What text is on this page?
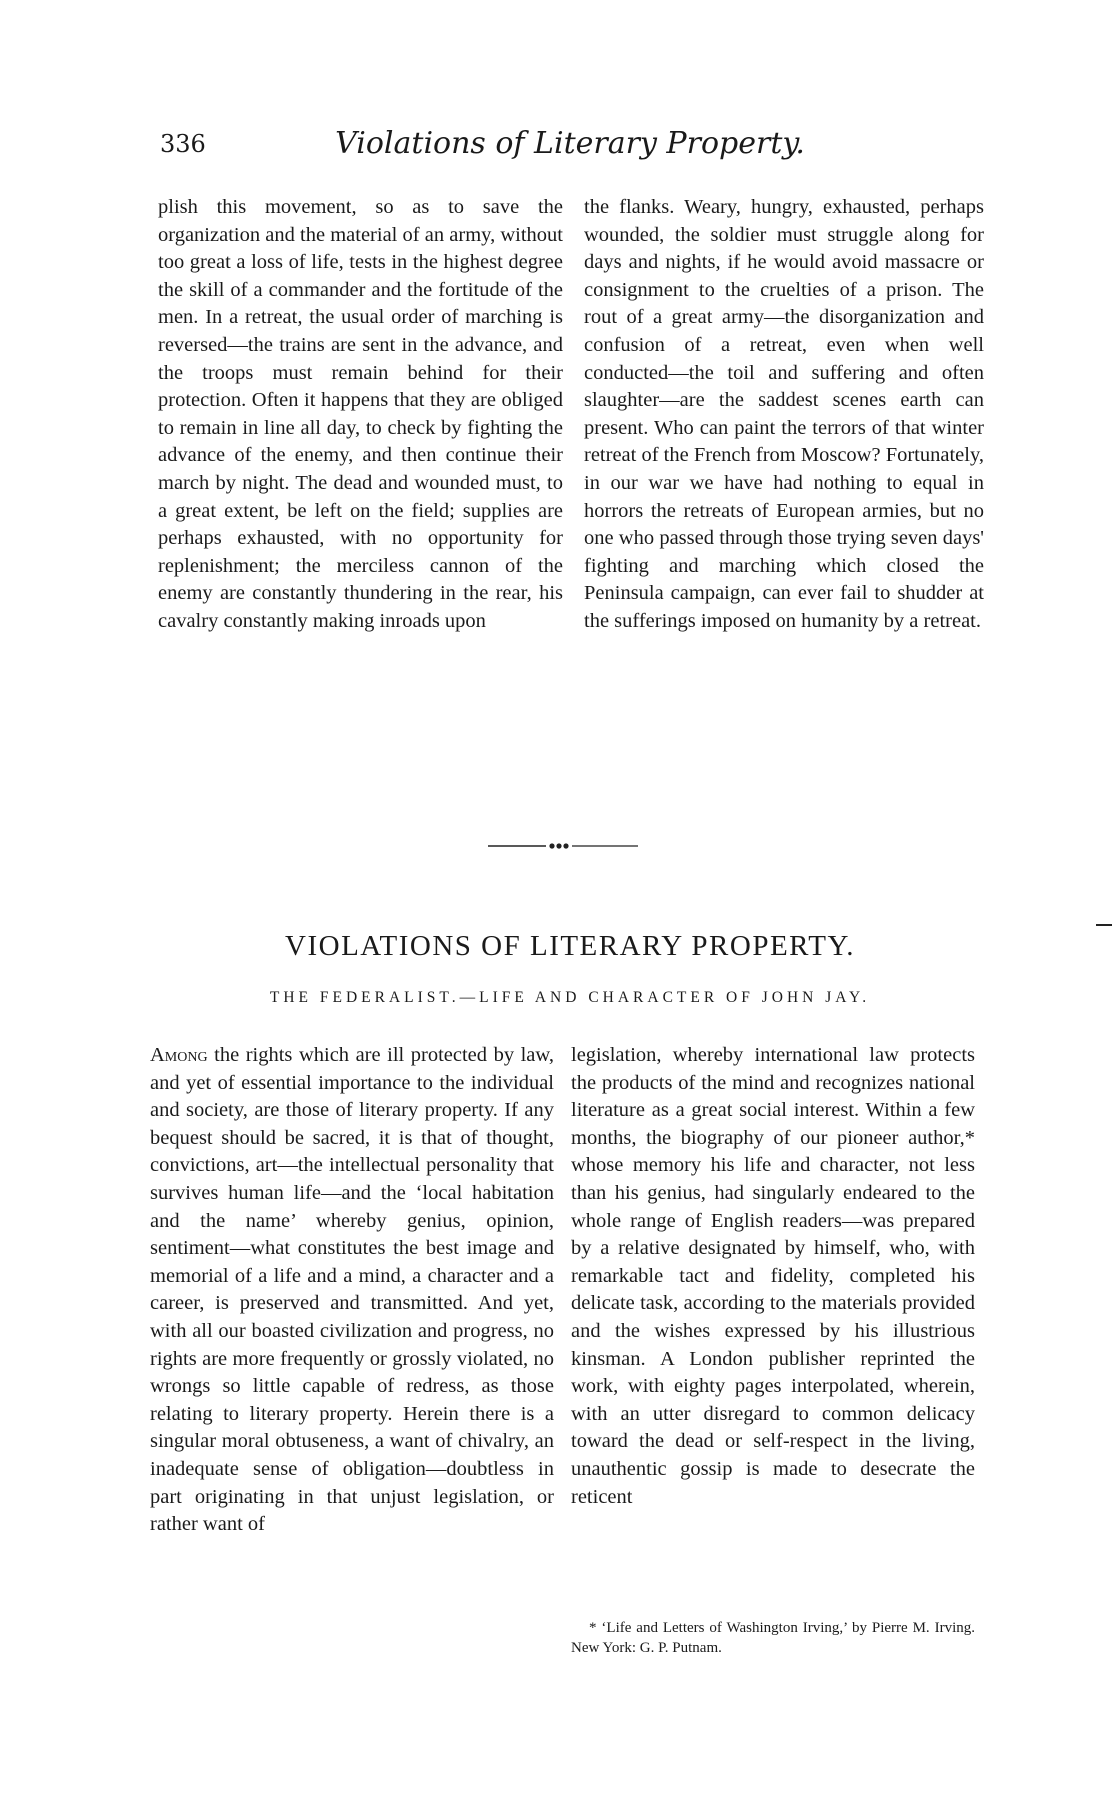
336	Violations of Literary Property.

plish this movement, so as to save the organization and the material of an army, without too great a loss of life, tests in the highest degree the skill of a commander and the fortitude of the men. In a retreat, the usual order of marching is reversed—the trains are sent in the advance, and the troops must remain behind for their protection. Often it happens that they are obliged to remain in line all day, to check by fighting the advance of the enemy, and then continue their march by night. The dead and wounded must, to a great extent, be left on the field; supplies are perhaps exhausted, with no opportunity for replenishment; the merciless cannon of the enemy are constantly thundering in the rear, his cavalry constantly making inroads upon

the flanks. Weary, hungry, exhausted, perhaps wounded, the soldier must struggle along for days and nights, if he would avoid massacre or consignment to the cruelties of a prison. The rout of a great army—the disorganization and confusion of a retreat, even when well conducted—the toil and suffering and often slaughter—are the saddest scenes earth can present. Who can paint the terrors of that winter retreat of the French from Moscow? Fortunately, in our war we have had nothing to equal in horrors the retreats of European armies, but no one who passed through those trying seven days' fighting and marching which closed the Peninsula campaign, can ever fail to shudder at the sufferings imposed on humanity by a retreat.

VIOLATIONS OF LITERARY PROPERTY.
THE FEDERALIST.—LIFE AND CHARACTER OF JOHN JAY.

Among the rights which are ill protected by law, and yet of essential importance to the individual and society, are those of literary property. If any bequest should be sacred, it is that of thought, convictions, art—the intellectual personality that survives human life—and the ‘local habitation and the name’ whereby genius, opinion, sentiment—what constitutes the best image and memorial of a life and a mind, a character and a career, is preserved and transmitted. And yet, with all our boasted civilization and progress, no rights are more frequently or grossly violated, no wrongs so little capable of redress, as those relating to literary property. Herein there is a singular moral obtuseness, a want of chivalry, an inadequate sense of obligation—doubtless in part originating in that unjust legislation, or rather want of

legislation, whereby international law protects the products of the mind and recognizes national literature as a great social interest. Within a few months, the biography of our pioneer author,* whose memory his life and character, not less than his genius, had singularly endeared to the whole range of English readers—was prepared by a relative designated by himself, who, with remarkable tact and fidelity, completed his delicate task, according to the materials provided and the wishes expressed by his illustrious kinsman. A London publisher reprinted the work, with eighty pages interpolated, wherein, with an utter disregard to common delicacy toward the dead or self-respect in the living, unauthentic gossip is made to desecrate the reticent

* ‘Life and Letters of Washington Irving,’ by Pierre M. Irving. New York: G. P. Putnam.
